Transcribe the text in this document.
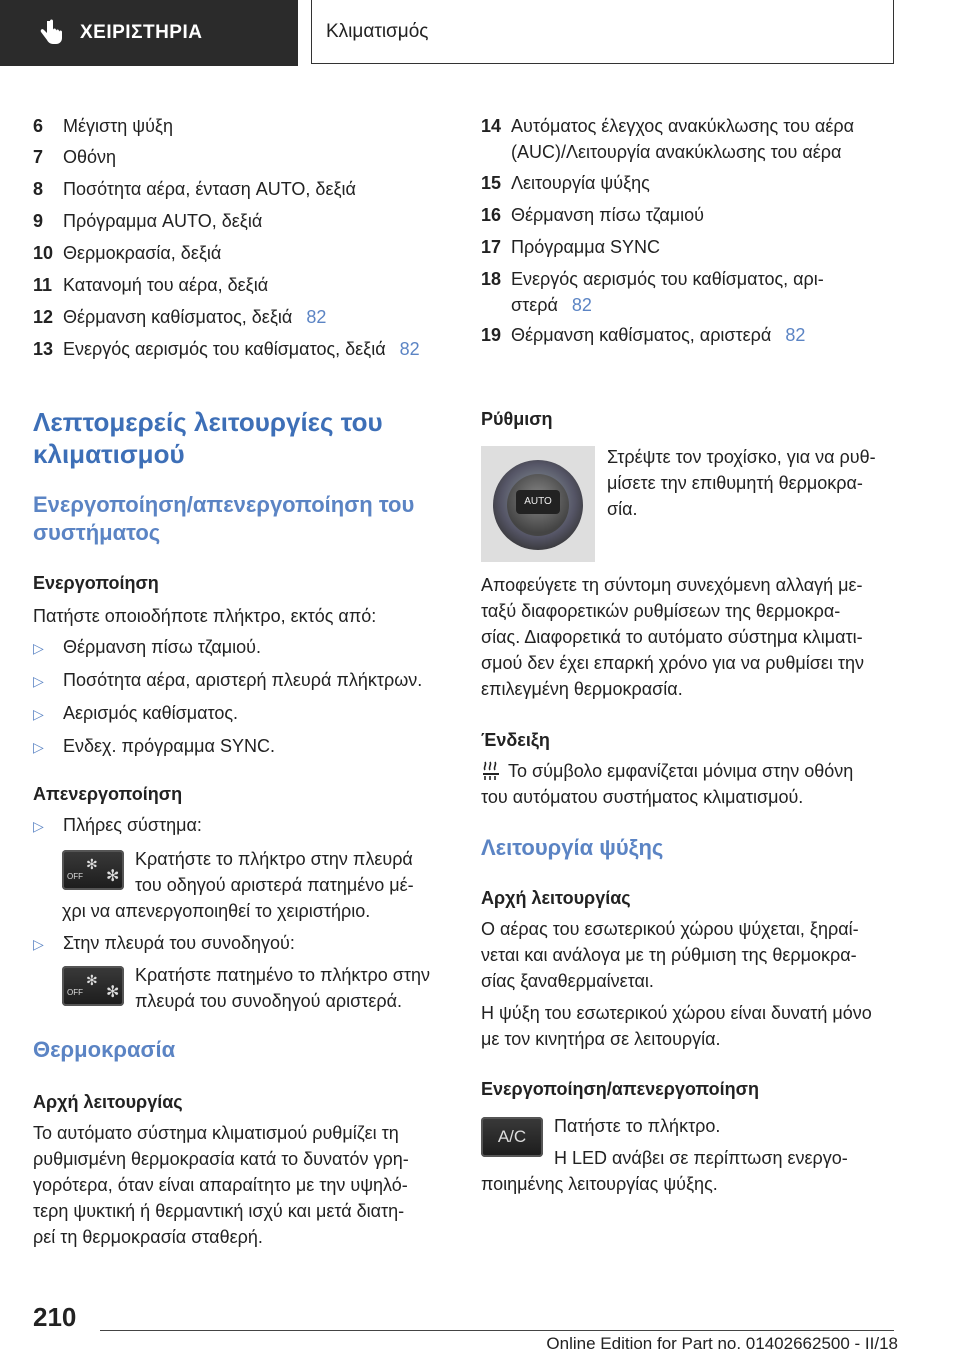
ΧΕΙΡΙΣΤΗΡΙΑ	Κλιματισμός
6	Μέγιστη ψύξη
7	Οθόνη
8	Ποσότητα αέρα, ένταση AUTO, δεξιά
9	Πρόγραμμα AUTO, δεξιά
10 Θερμοκρασία, δεξιά
11 Κατανομή του αέρα, δεξιά
12 Θέρμανση καθίσματος, δεξιά 82
13 Ενεργός αερισμός του καθίσματος, δεξιά 82
14 Αυτόματος έλεγχος ανακύκλωσης του αέρα (AUC)/Λειτουργία ανακύκλωσης του αέρα
15 Λειτουργία ψύξης
16 Θέρμανση πίσω τζαμιού
17 Πρόγραμμα SYNC
18 Ενεργός αερισμός του καθίσματος, αρι-στερά 82
19 Θέρμανση καθίσματος, αριστερά 82
Λεπτομερείς λειτουργίες του κλιματισμού
Ενεργοποίηση/απενεργοποίηση του συστήματος
Ενεργοποίηση
Πατήστε οποιοδήποτε πλήκτρο, εκτός από:
▷	Θέρμανση πίσω τζαμιού.
▷	Ποσότητα αέρα, αριστερή πλευρά πλήκτρων.
▷	Αερισμός καθίσματος.
▷	Ενδεχ. πρόγραμμα SYNC.
Απενεργοποίηση
▷	Πλήρες σύστημα:
OFF
✻
✻
Κρατήστε το πλήκτρο στην πλευρά
του οδηγού αριστερά πατημένο μέ-
χρι να απενεργοποιηθεί το χειριστήριο.
▷	Στην πλευρά του συνοδηγού:
OFF
✻
✻
Κρατήστε πατημένο το πλήκτρο στην
πλευρά του συνοδηγού αριστερά.
Θερμοκρασία
Αρχή λειτουργίας
Το αυτόματο σύστημα κλιματισμού ρυθμίζει τη
ρυθμισμένη θερμοκρασία κατά το δυνατόν γρη-
γορότερα, όταν είναι απαραίτητο με την υψηλό-
τερη ψυκτική ή θερμαντική ισχύ και μετά διατη-
ρεί τη θερμοκρασία σταθερή.
Ρύθμιση
AUTO
Στρέψτε τον τροχίσκο, για να ρυθ-
μίσετε την επιθυμητή θερμοκρα-
σία.
Αποφεύγετε τη σύντομη συνεχόμενη αλλαγή με-
ταξύ διαφορετικών ρυθμίσεων της θερμοκρα-
σίας. Διαφορετικά το αυτόματο σύστημα κλιματι-
σμού δεν έχει επαρκή χρόνο για να ρυθμίσει την
επιλεγμένη θερμοκρασία.
Ένδειξη
Το σύμβολο εμφανίζεται μόνιμα στην οθόνη
του αυτόματου συστήματος κλιματισμού.
Λειτουργία ψύξης
Αρχή λειτουργίας
Ο αέρας του εσωτερικού χώρου ψύχεται, ξηραί-
νεται και ανάλογα με τη ρύθμιση της θερμοκρα-
σίας ξαναθερμαίνεται.
Η ψύξη του εσωτερικού χώρου είναι δυνατή μόνο
με τον κινητήρα σε λειτουργία.
Ενεργοποίηση/απενεργοποίηση
A/C
Πατήστε το πλήκτρο.
Η LED ανάβει σε περίπτωση ενεργο-
ποιημένης λειτουργίας ψύξης.
210
Online Edition for Part no. 01402662500 - II/18
